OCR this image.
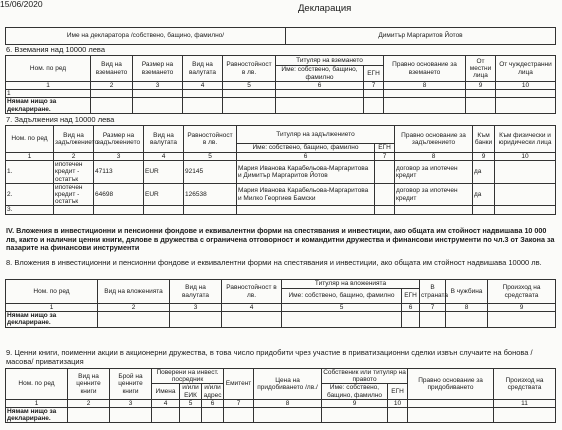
15/06/2020	Декларация
Име на декларатора /собствено, бащино, фамилно/	Димитър Маргаритов Йотов
6. Вземания над 10000 лева
Ном. по ред	Вид на вземането	Размер на вземането	Вид на валутата	Равностойност в лв.	Титуляр на вземането		Правно основание за вземането	От местни лица	От чуждестранни лица
					Име: собствено, бащино, фамилно	ЕГН			
1	2	3	4	5	6	7	8	9	10
1									
Нямам нищо за деклариране.									
7. Задължения над 10000 лева
Ном. по ред	Вид на задължението	Размер на задължението	Вид на валутата	Равностойност в лв.	Титуляр на задължението		Правно основание за задължението	Към банки	Към физически и юридически лица
					Име: собствено, бащино, фамилно	ЕГН			
1	2	3	4	5	6	7	8	9	10
1.	ипотечен кредит - остатък	47113	EUR	92145	Мария Иванова Карабельова-Маргаритова и Димитър Маргаритов Йотов		договор за ипотечен кредит	да	
2.	ипотечен кредит - остатък	64698	EUR	126538	Мария Иванова Карабельова-Маргаритова и Милко Георгиев Бамски		договор за ипотечен кредит	да	
3.									
IV. Вложения в инвестиционни и пенсионни фондове и еквивалентни форми на спестявания и инвестиции, ако общата им стойност надвишава 10 000 лв, както и налични ценни книги, дялове в дружества с ограничена отговорност и командитни дружества и финансови инструменти по чл.3 от Закона за пазарите на финансови инструменти
8. Вложения в инвестиционни и пенсионни фондове и еквивалентни форми на спестявания и инвестиции, ако общата им стойност надвишава 10000 лв.
Ном. по ред	Вид на вложенията	Вид на валутата	Равностойност в лв.	Титуляр на вложенията		В страната	В чужбина	Произход на средствата
				Име: собствено, бащино, фамилно	ЕГН			
1	2	3	4	5	6	7	8	9
Нямам нищо за деклариране.								
9. Ценни книги, поименни акции в акционерни дружества, в това число придобити чрез участие в приватизационни сделки извън случаите на бонова /масова/ приватизация
Ном. по ред	Вид на ценните книги	Брой на ценните книги	Поверени на инвест. посредник			Емитент	Цена на придобиването /лв./	Собственик или титуляр на правото		Правно основание за придобиването	Произход на средствата
			Имена	и/или ЕИК	и/или адрес			Име: собствено, бащино, фамилно	ЕГН		

1	2	3	4	5	6	7	8	9	10		11
Нямам нищо за деклариране.											
